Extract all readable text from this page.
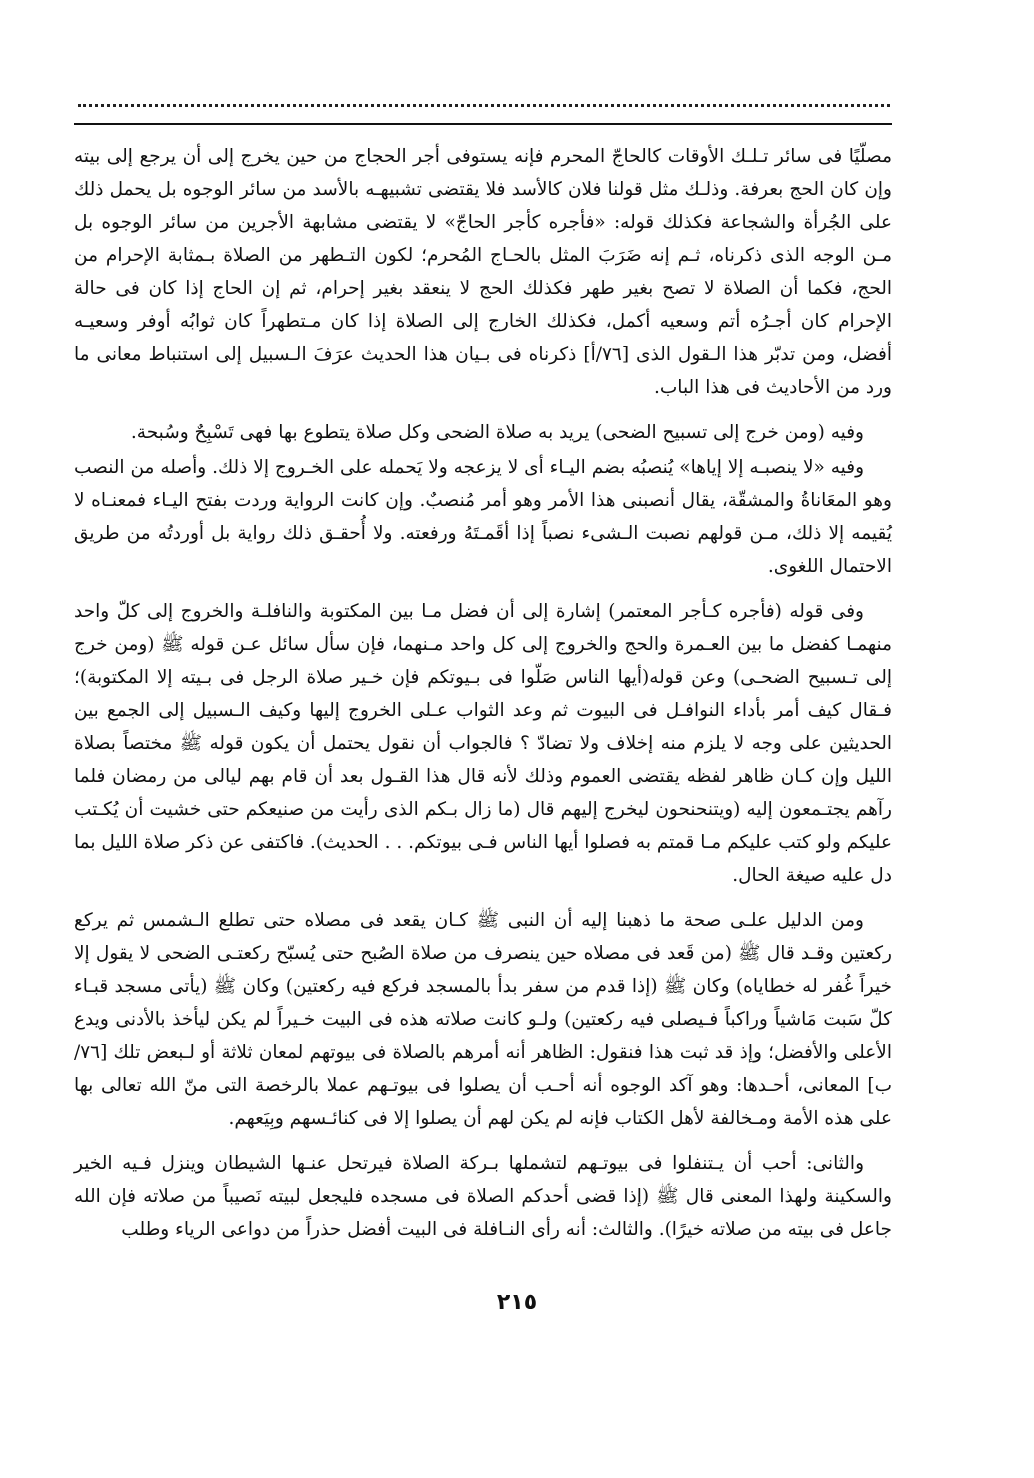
مصلّيًا فى سائر تـلـك الأوقات كالحاجّ المحرم فإنه يستوفى أجر الحجاج من حين يخرج إلى أن يرجع إلى بيته وإن كان الحج بعرفة. وذلـك مثل قولنا فلان كالأسد فلا يقتضى تشبيهـه بالأسد من سائر الوجوه بل يحمل ذلك على الجُرأة والشجاعة فكذلك قوله: «فأجره كأجر الحاجّ» لا يقتضى مشابهة الأجرين من سائر الوجوه بل مـن الوجه الذى ذكرناه، ثـم إنه ضَرَبَ المثل بالحـاج المُحرم؛ لكون التـطهر من الصلاة بـمثابة الإحرام من الحج، فكما أن الصلاة لا تصح بغير طهر فكذلك الحج لا ينعقد بغير إحرام، ثم إن الحاج إذا كان فى حالة الإحرام كان أجـرُه أتم وسعيه أكمل، فكذلك الخارج إلى الصلاة إذا كان مـتطهراً كان ثوابُه أوفر وسعيـه أفضل، ومن تدبّر هذا الـقول الذى [٧٦/أ] ذكرناه فى بـيان هذا الحديث عرَفَ الـسبيل إلى استنباط معانى ما ورد من الأحاديث فى هذا الباب.

وفيه (ومن خرج إلى تسبيح الضحى) يريد به صلاة الضحى وكل صلاة يتطوع بها فهى تَسْبِحٌ وسُبحة.

وفيه «لا ينصبـه إلا إياها» يُنصبُه بضم اليـاء أى لا يزعجه ولا يَحمله على الخـروج إلا ذلك. وأصله من النصب وهو المعَاناةُ والمشقّة، يقال أنصبنى هذا الأمر وهو أمر مُنصبٌ. وإن كانت الرواية وردت بفتح اليـاء فمعنـاه لا يُقيمه إلا ذلك، مـن قولهم نصبت الـشىء نصباً إذا أقَمـتَهُ ورفعته. ولا أُحقـق ذلك رواية بل أوردتُه من طريق الاحتمال اللغوى.

وفى قوله (فأجره كـأجر المعتمر) إشارة إلى أن فضل مـا بين المكتوبة والنافلـة والخروج إلى كلّ واحد منهمـا كفضل ما بين العـمرة والحج والخروج إلى كل واحد مـنهما، فإن سأل سائل عـن قوله ﷺ (ومن خرج إلى تـسبيح الضحـى) وعن قوله(أيها الناس صَلّوا فى بـيوتكم فإن خـير صلاة الرجل فى بـيته إلا المكتوبة)؛ فـقال كيف أمر بأداء النوافـل فى البيوت ثم وعد الثواب عـلى الخروج إليها وكيف الـسبيل إلى الجمع بين الحديثين على وجه لا يلزم منه إخلاف ولا تضادّ ؟ فالجواب أن نقول يحتمل أن يكون قوله ﷺ مختصاً بصلاة الليل وإن كـان ظاهر لفظه يقتضى العموم وذلك لأنه قال هذا القـول بعد أن قام بهم ليالى من رمضان فلما رآهم يجتـمعون إليه (ويتنحنحون ليخرج إليهم قال (ما زال بـكم الذى رأيت من صنيعكم حتى خشيت أن يُكـتب عليكم ولو كتب عليكم مـا قمتم به فصلوا أيها الناس فـى بيوتكم. . . الحديث). فاكتفى عن ذكر صلاة الليل بما دل عليه صيغة الحال.

ومن الدليل علـى صحة ما ذهبنا إليه أن النبى ﷺ كـان يقعد فى مصلاه حتى تطلع الـشمس ثم يركع ركعتين وقـد قال ﷺ (من قَعد فى مصلاه حين ينصرف من صلاة الصُبح حتى يُسبّح ركعتـى الضحى لا يقول إلا خيراً غُفر له خطاياه) وكان ﷺ (إذا قدم من سفر بدأ بالمسجد فركع فيه ركعتين) وكان ﷺ (يأتى مسجد قبـاء كلّ سَبت مَاشياً وراكباً فـيصلى فيه ركعتين) ولـو كانت صلاته هذه فى البيت خـيراً لم يكن ليأخذ بالأدنى ويدع الأعلى والأفضل؛ وإذ قد ثبت هذا فنقول: الظاهر أنه أمرهم بالصلاة فى بيوتهم لمعان ثلاثة أو لـبعض تلك [٧٦/ب] المعانى، أحـدها: وهو آكد الوجوه أنه أحـب أن يصلوا فى بيوتـهم عملا بالرخصة التى منّ الله تعالى بها على هذه الأمة ومـخالفة لأهل الكتاب فإنه لم يكن لهم أن يصلوا إلا فى كنائـسهم وبِيَعهم.

والثانى: أحب أن يـتنفلوا فى بيوتـهم لتشملها بـركة الصلاة فيرتحل عنـها الشيطان وينزل فـيه الخير والسكينة ولهذا المعنى قال ﷺ (إذا قضى أحدكم الصلاة فى مسجده فليجعل لبيته نَصيباً من صلاته فإن الله جاعل فى بيته من صلاته خيرًا). والثالث: أنه رأى النـافلة فى البيت أفضل حذراً من دواعى الرياء وطلب

٢١٥
